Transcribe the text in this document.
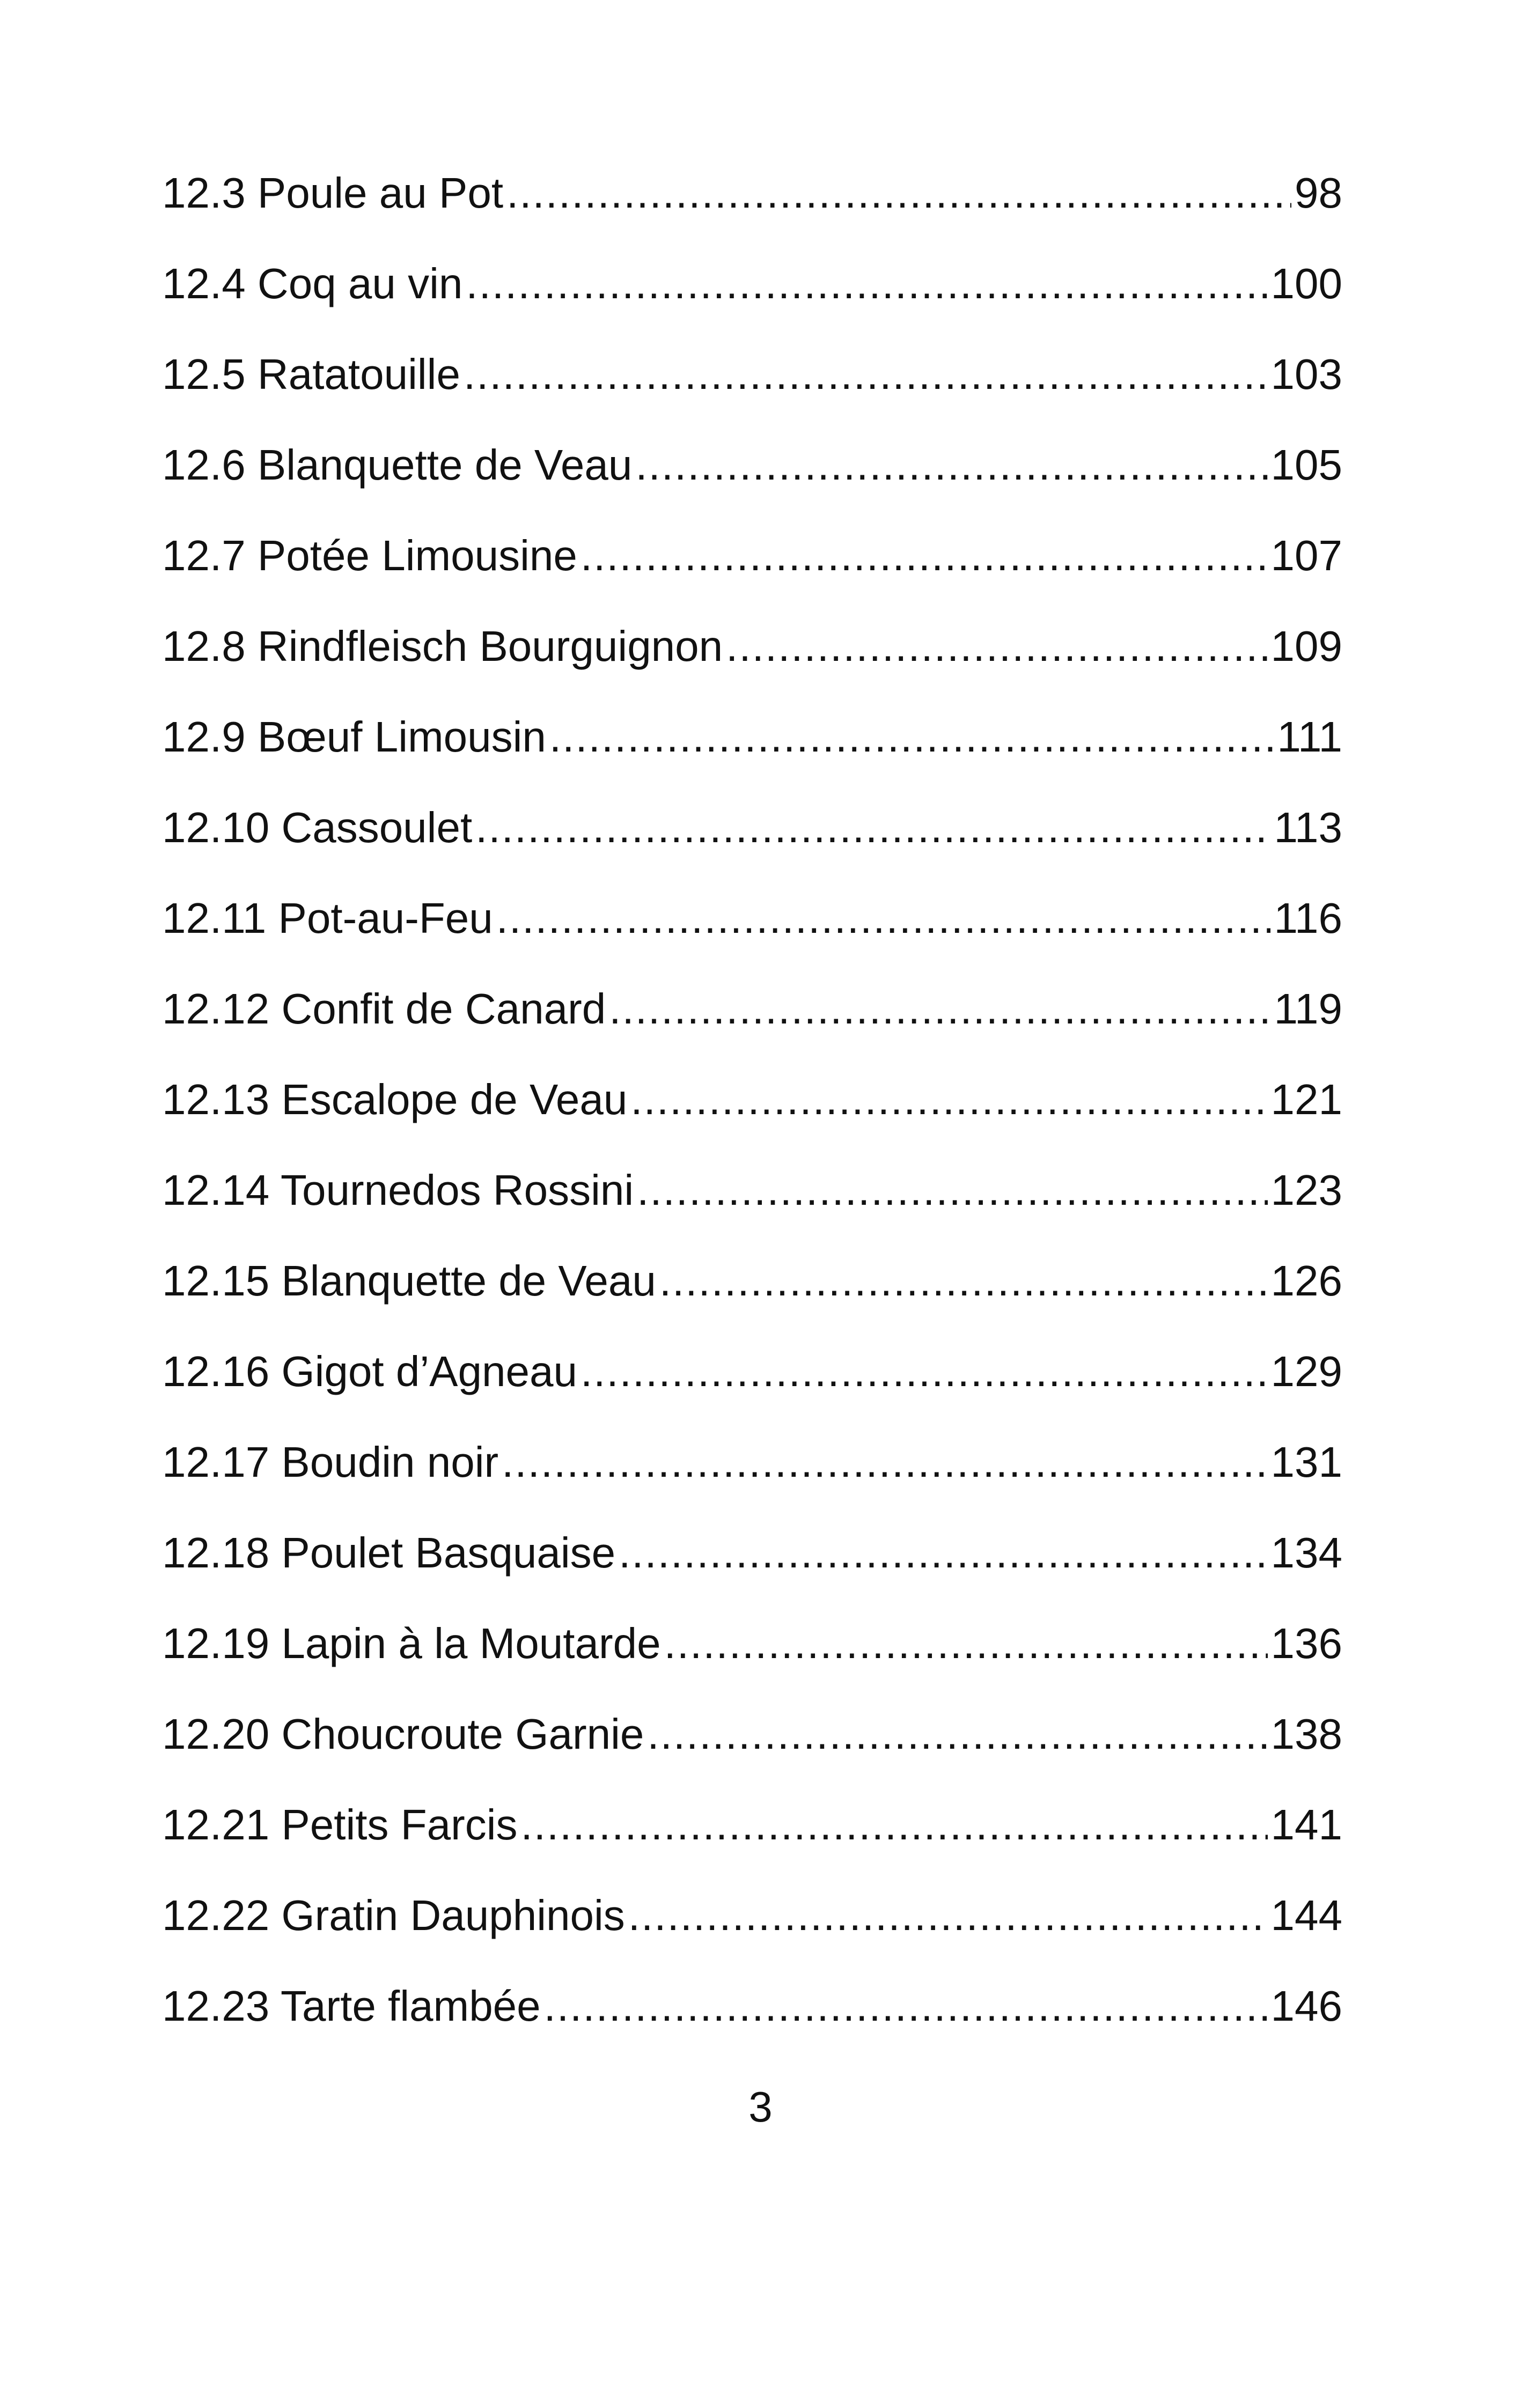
12.3 Poule au Pot .....	98
12.4 Coq au vin .....	100
12.5 Ratatouille .....	103
12.6 Blanquette de Veau .....	105
12.7 Potée Limousine .....	107
12.8 Rindfleisch Bourguignon .....	109
12.9 Bœuf Limousin .....	111
12.10 Cassoulet .....	113
12.11 Pot-au-Feu .....	116
12.12 Confit de Canard .....	119
12.13 Escalope de Veau .....	121
12.14 Tournedos Rossini .....	123
12.15 Blanquette de Veau .....	126
12.16 Gigot d’Agneau .....	129
12.17 Boudin noir .....	131
12.18 Poulet Basquaise .....	134
12.19 Lapin à la Moutarde .....	136
12.20 Choucroute Garnie .....	138
12.21 Petits Farcis .....	141
12.22 Gratin Dauphinois .....	144
12.23 Tarte flambée .....	146
3
